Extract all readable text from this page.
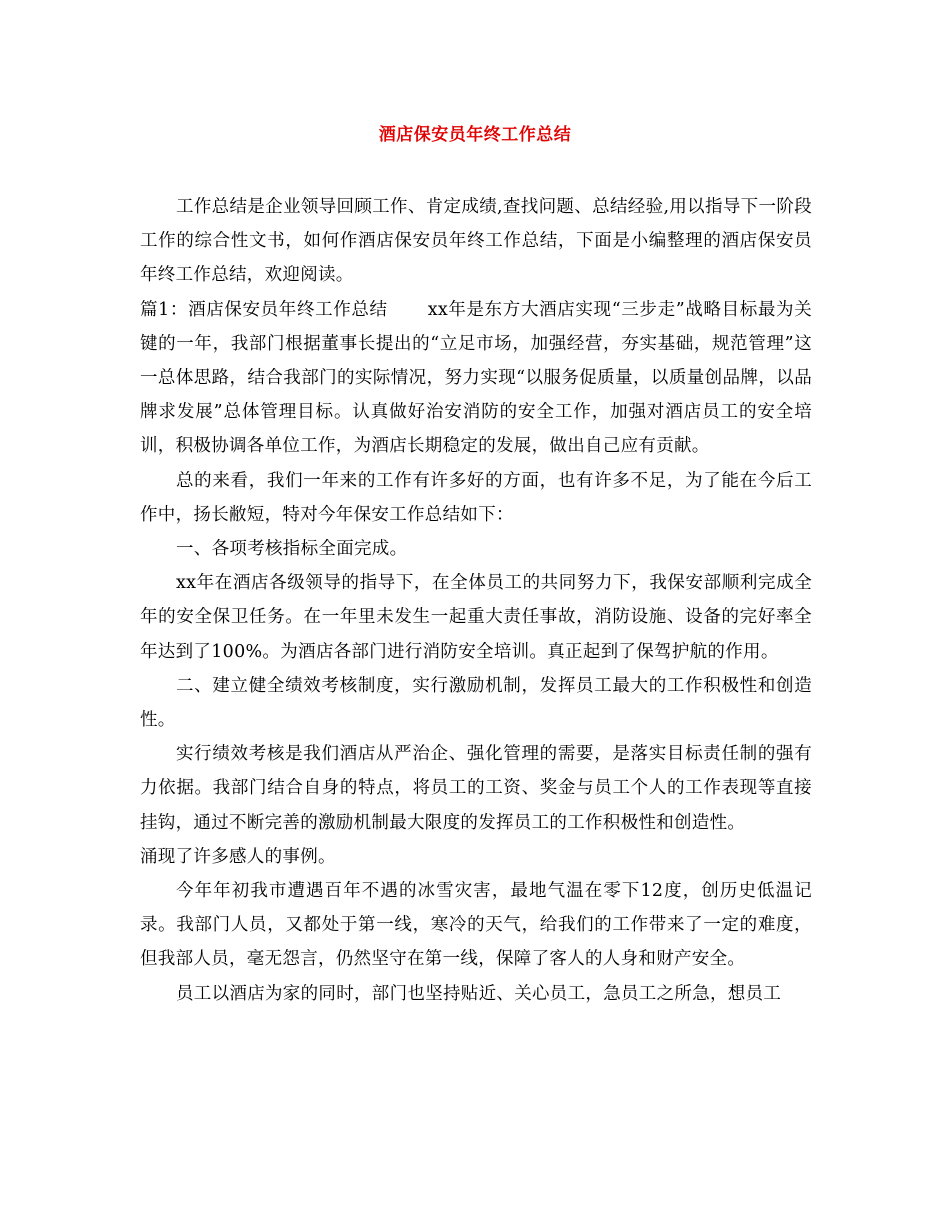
酒店保安员年终工作总结

工作总结是企业领导回顾工作、肯定成绩,查找问题、总结经验,用以指导下一阶段工作的综合性文书，如何作酒店保安员年终工作总结，下面是小编整理的酒店保安员年终工作总结，欢迎阅读。

篇1：酒店保安员年终工作总结 xx年是东方大酒店实现“三步走”战略目标最为关键的一年，我部门根据董事长提出的“立足市场，加强经营，夯实基础，规范管理”这一总体思路，结合我部门的实际情况，努力实现“以服务促质量，以质量创品牌，以品牌求发展”总体管理目标。认真做好治安消防的安全工作，加强对酒店员工的安全培训，积极协调各单位工作，为酒店长期稳定的发展，做出自己应有贡献。

总的来看，我们一年来的工作有许多好的方面，也有许多不足，为了能在今后工作中，扬长敝短，特对今年保安工作总结如下：

一、各项考核指标全面完成。

xx年在酒店各级领导的指导下，在全体员工的共同努力下，我保安部顺利完成全年的安全保卫任务。在一年里未发生一起重大责任事故，消防设施、设备的完好率全年达到了100%。为酒店各部门进行消防安全培训。真正起到了保驾护航的作用。

二、建立健全绩效考核制度，实行激励机制，发挥员工最大的工作积极性和创造性。

实行绩效考核是我们酒店从严治企、强化管理的需要，是落实目标责任制的强有力依据。我部门结合自身的特点，将员工的工资、奖金与员工个人的工作表现等直接挂钩，通过不断完善的激励机制最大限度的发挥员工的工作积极性和创造性。

涌现了许多感人的事例。

今年年初我市遭遇百年不遇的冰雪灾害，最地气温在零下12度，创历史低温记录。我部门人员，又都处于第一线，寒冷的天气，给我们的工作带来了一定的难度，但我部人员，毫无怨言，仍然坚守在第一线，保障了客人的人身和财产安全。

员工以酒店为家的同时，部门也坚持贴近、关心员工，急员工之所急，想员工
